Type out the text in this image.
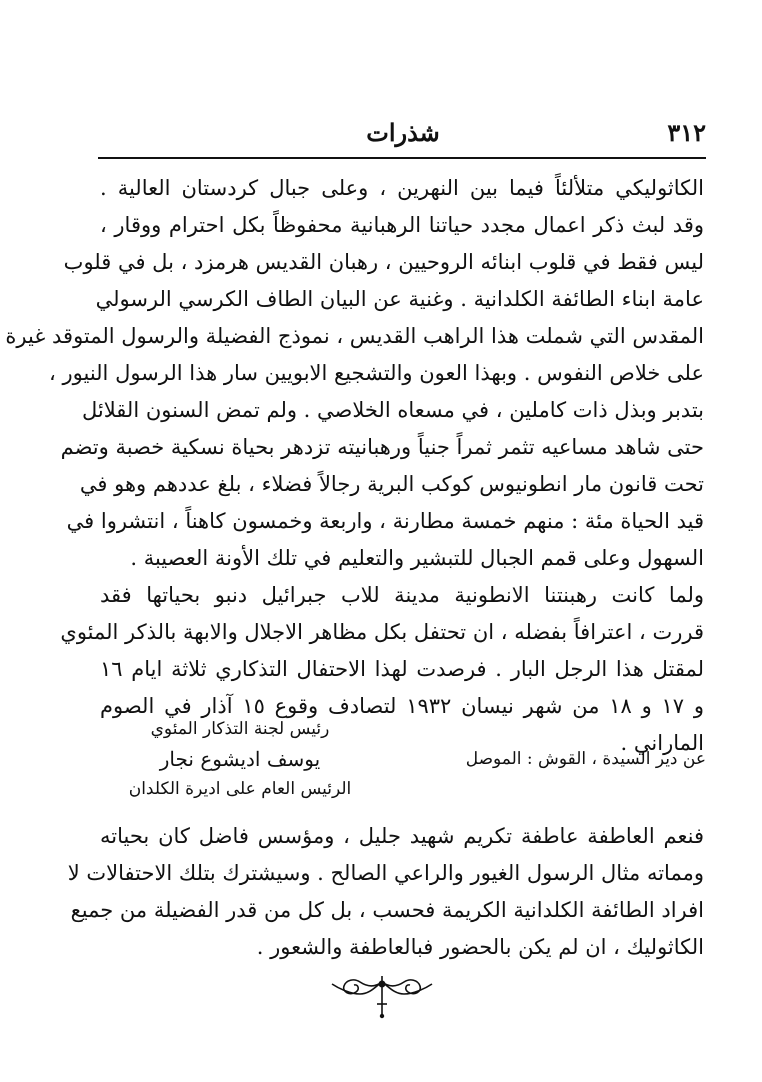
٣١٢
شذرات
الكاثوليكي متلألئاً فيما بين النهرين ، وعلى جبال كردستان العالية .
وقد لبث ذكر اعمال مجدد حياتنا الرهبانية محفوظاً بكل احترام ووقار ،
ليس فقط في قلوب ابنائه الروحيين ، رهبان القديس هرمزد ، بل في قلوب
عامة ابناء الطائفة الكلدانية . وغنية عن البيان الطاف الكرسي الرسولي
المقدس التي شملت هذا الراهب القديس ، نموذج الفضيلة والرسول المتوقد غيرة
على خلاص النفوس . وبهذا العون والتشجيع الابويين سار هذا الرسول النيور ،
بتدبر وبذل ذات كاملين ، في مسعاه الخلاصي . ولم تمض السنون القلائل
حتى شاهد مساعيه تثمر ثمراً جنياً ورهبانيته تزدهر بحياة نسكية خصبة وتضم
تحت قانون مار انطونيوس كوكب البرية رجالاً فضلاء ، بلغ عددهم وهو في
قيد الحياة مئة : منهم خمسة مطارنة ، واربعة وخمسون كاهناً ، انتشروا في
السهول وعلى قمم الجبال للتبشير والتعليم في تلك الأونة العصيبة .
ولما كانت رهبنتنا الانطونية مدينة للاب جبرائيل دنبو بحياتها فقد
قررت ، اعترافاً بفضله ، ان تحتفل بكل مظاهر الاجلال والابهة بالذكر المئوي
لمقتل هذا الرجل البار . فرصدت لهذا الاحتفال التذكاري ثلاثة ايام ١٦
و ١٧ و ١٨ من شهر نيسان ١٩٣٢ لتصادف وقوع ١٥ آذار في الصوم
الماراني .
رئيس لجنة التذكار المئوي
يوسف اديشوع نجار
الرئيس العام على اديرة الكلدان
عن دير السيدة ، القوش : الموصل
فنعم العاطفة عاطفة تكريم شهيد جليل ، ومؤسس فاضل كان بحياته
ومماته مثال الرسول الغيور والراعي الصالح . وسيشترك بتلك الاحتفالات لا
افراد الطائفة الكلدانية الكريمة فحسب ، بل كل من قدر الفضيلة من جميع
الكاثوليك ، ان لم يكن بالحضور فبالعاطفة والشعور .
